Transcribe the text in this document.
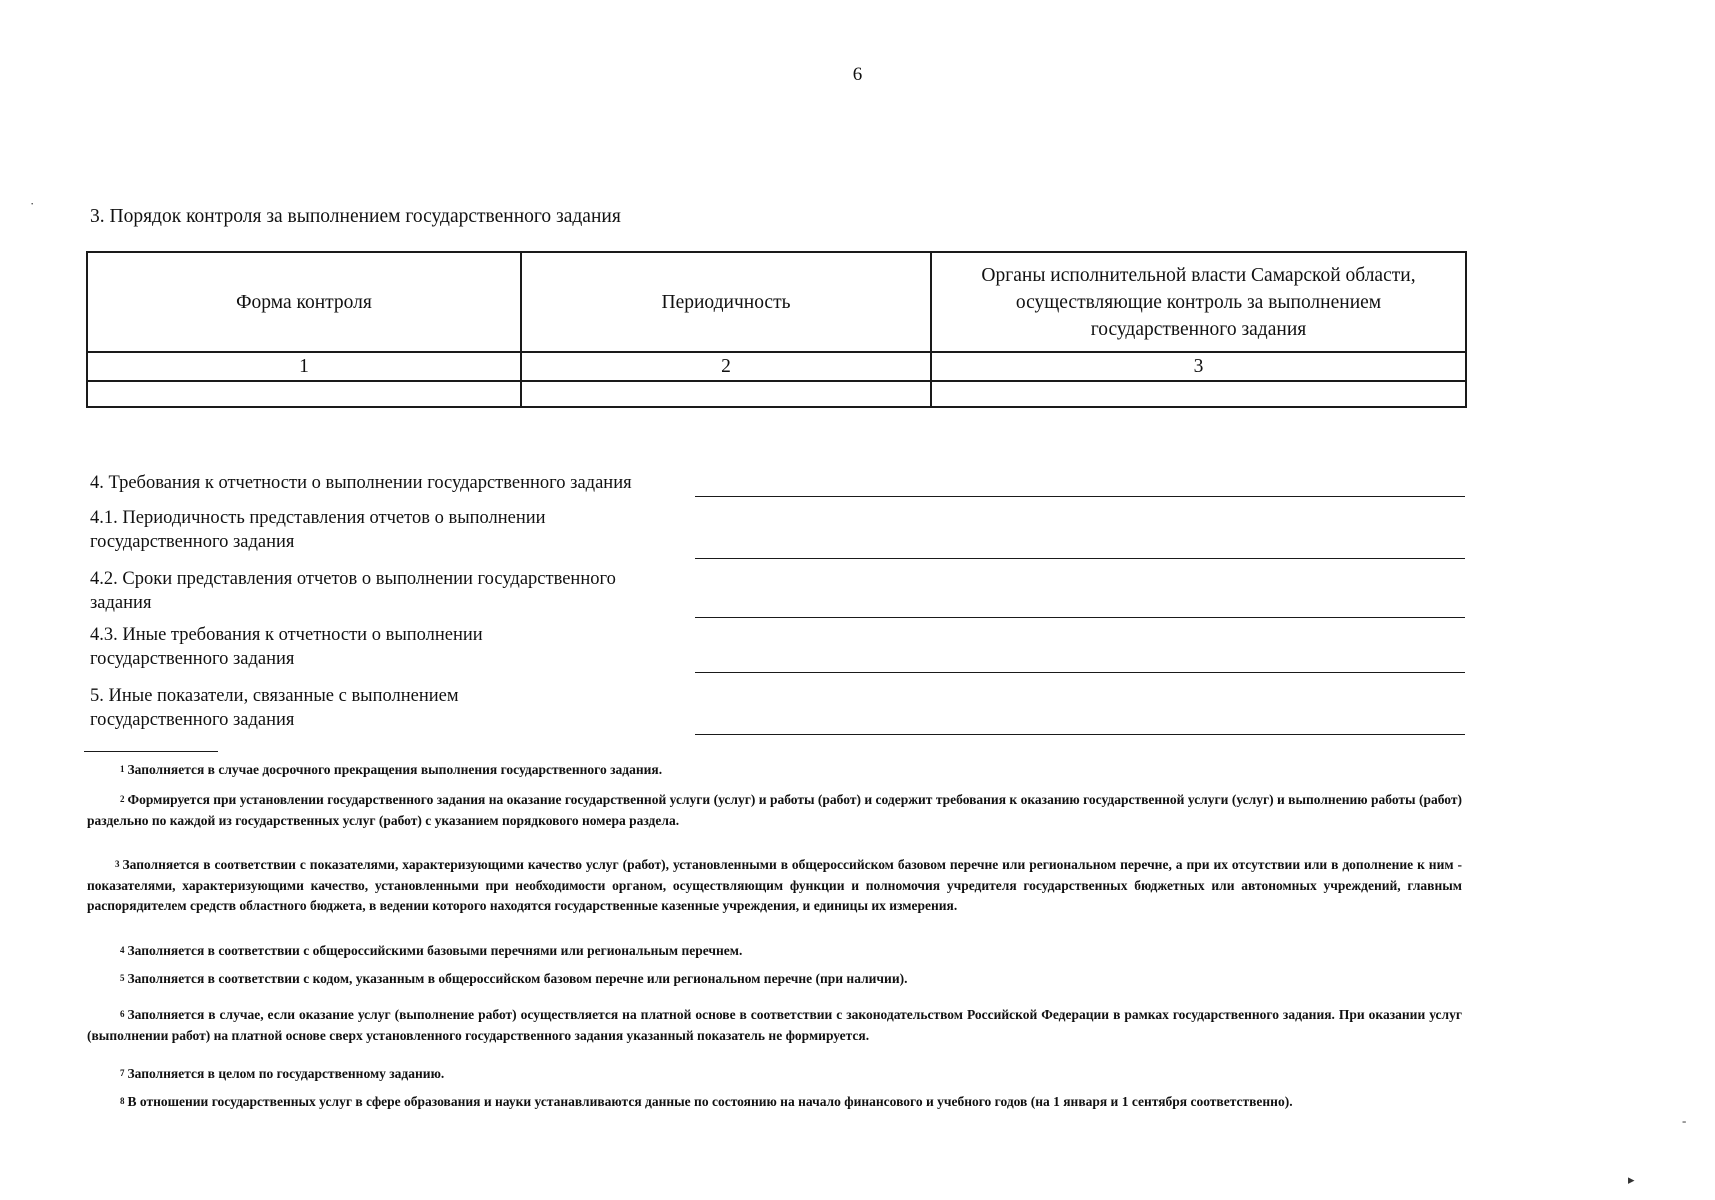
6
3. Порядок контроля за выполнением государственного задания
Форма контроля	Периодичность	Органы исполнительной власти Самарской области, осуществляющие контроль за выполнением государственного задания
1	2	3

4. Требования к отчетности о выполнении государственного задания
4.1. Периодичность представления отчетов о выполнении государственного задания
4.2. Сроки представления отчетов о выполнении государственного задания
4.3. Иные требования к отчетности о выполнении государственного задания
5. Иные показатели, связанные с выполнением государственного задания
$^1$ Заполняется в случае досрочного прекращения выполнения государственного задания.
$^2$ Формируется при установлении государственного задания на оказание государственной услуги (услуг) и работы (работ) и содержит требования к оказанию государственной услуги (услуг) и выполнению работы (работ) раздельно по каждой из государственных услуг (работ) с указанием порядкового номера раздела.
$^3$ Заполняется в соответствии с показателями, характеризующими качество услуг (работ), установленными в общероссийском базовом перечне или региональном перечне, а при их отсутствии или в дополнение к ним - показателями, характеризующими качество, установленными при необходимости органом, осуществляющим функции и полномочия учредителя государственных бюджетных или автономных учреждений, главным распорядителем средств областного бюджета, в ведении которого находятся государственные казенные учреждения, и единицы их измерения.
$^4$ Заполняется в соответствии с общероссийскими базовыми перечнями или региональным перечнем.
$^5$ Заполняется в соответствии с кодом, указанным в общероссийском базовом перечне или региональном перечне (при наличии).
$^6$ Заполняется в случае, если оказание услуг (выполнение работ) осуществляется на платной основе в соответствии с законодательством Российской Федерации в рамках государственного задания. При оказании услуг (выполнении работ) на платной основе сверх установленного государственного задания указанный показатель не формируется.
$^7$ Заполняется в целом по государственному заданию.
$^8$ В отношении государственных услуг в сфере образования и науки устанавливаются данные по состоянию на начало финансового и учебного годов (на 1 января и 1 сентября соответственно).
·
▸
-
